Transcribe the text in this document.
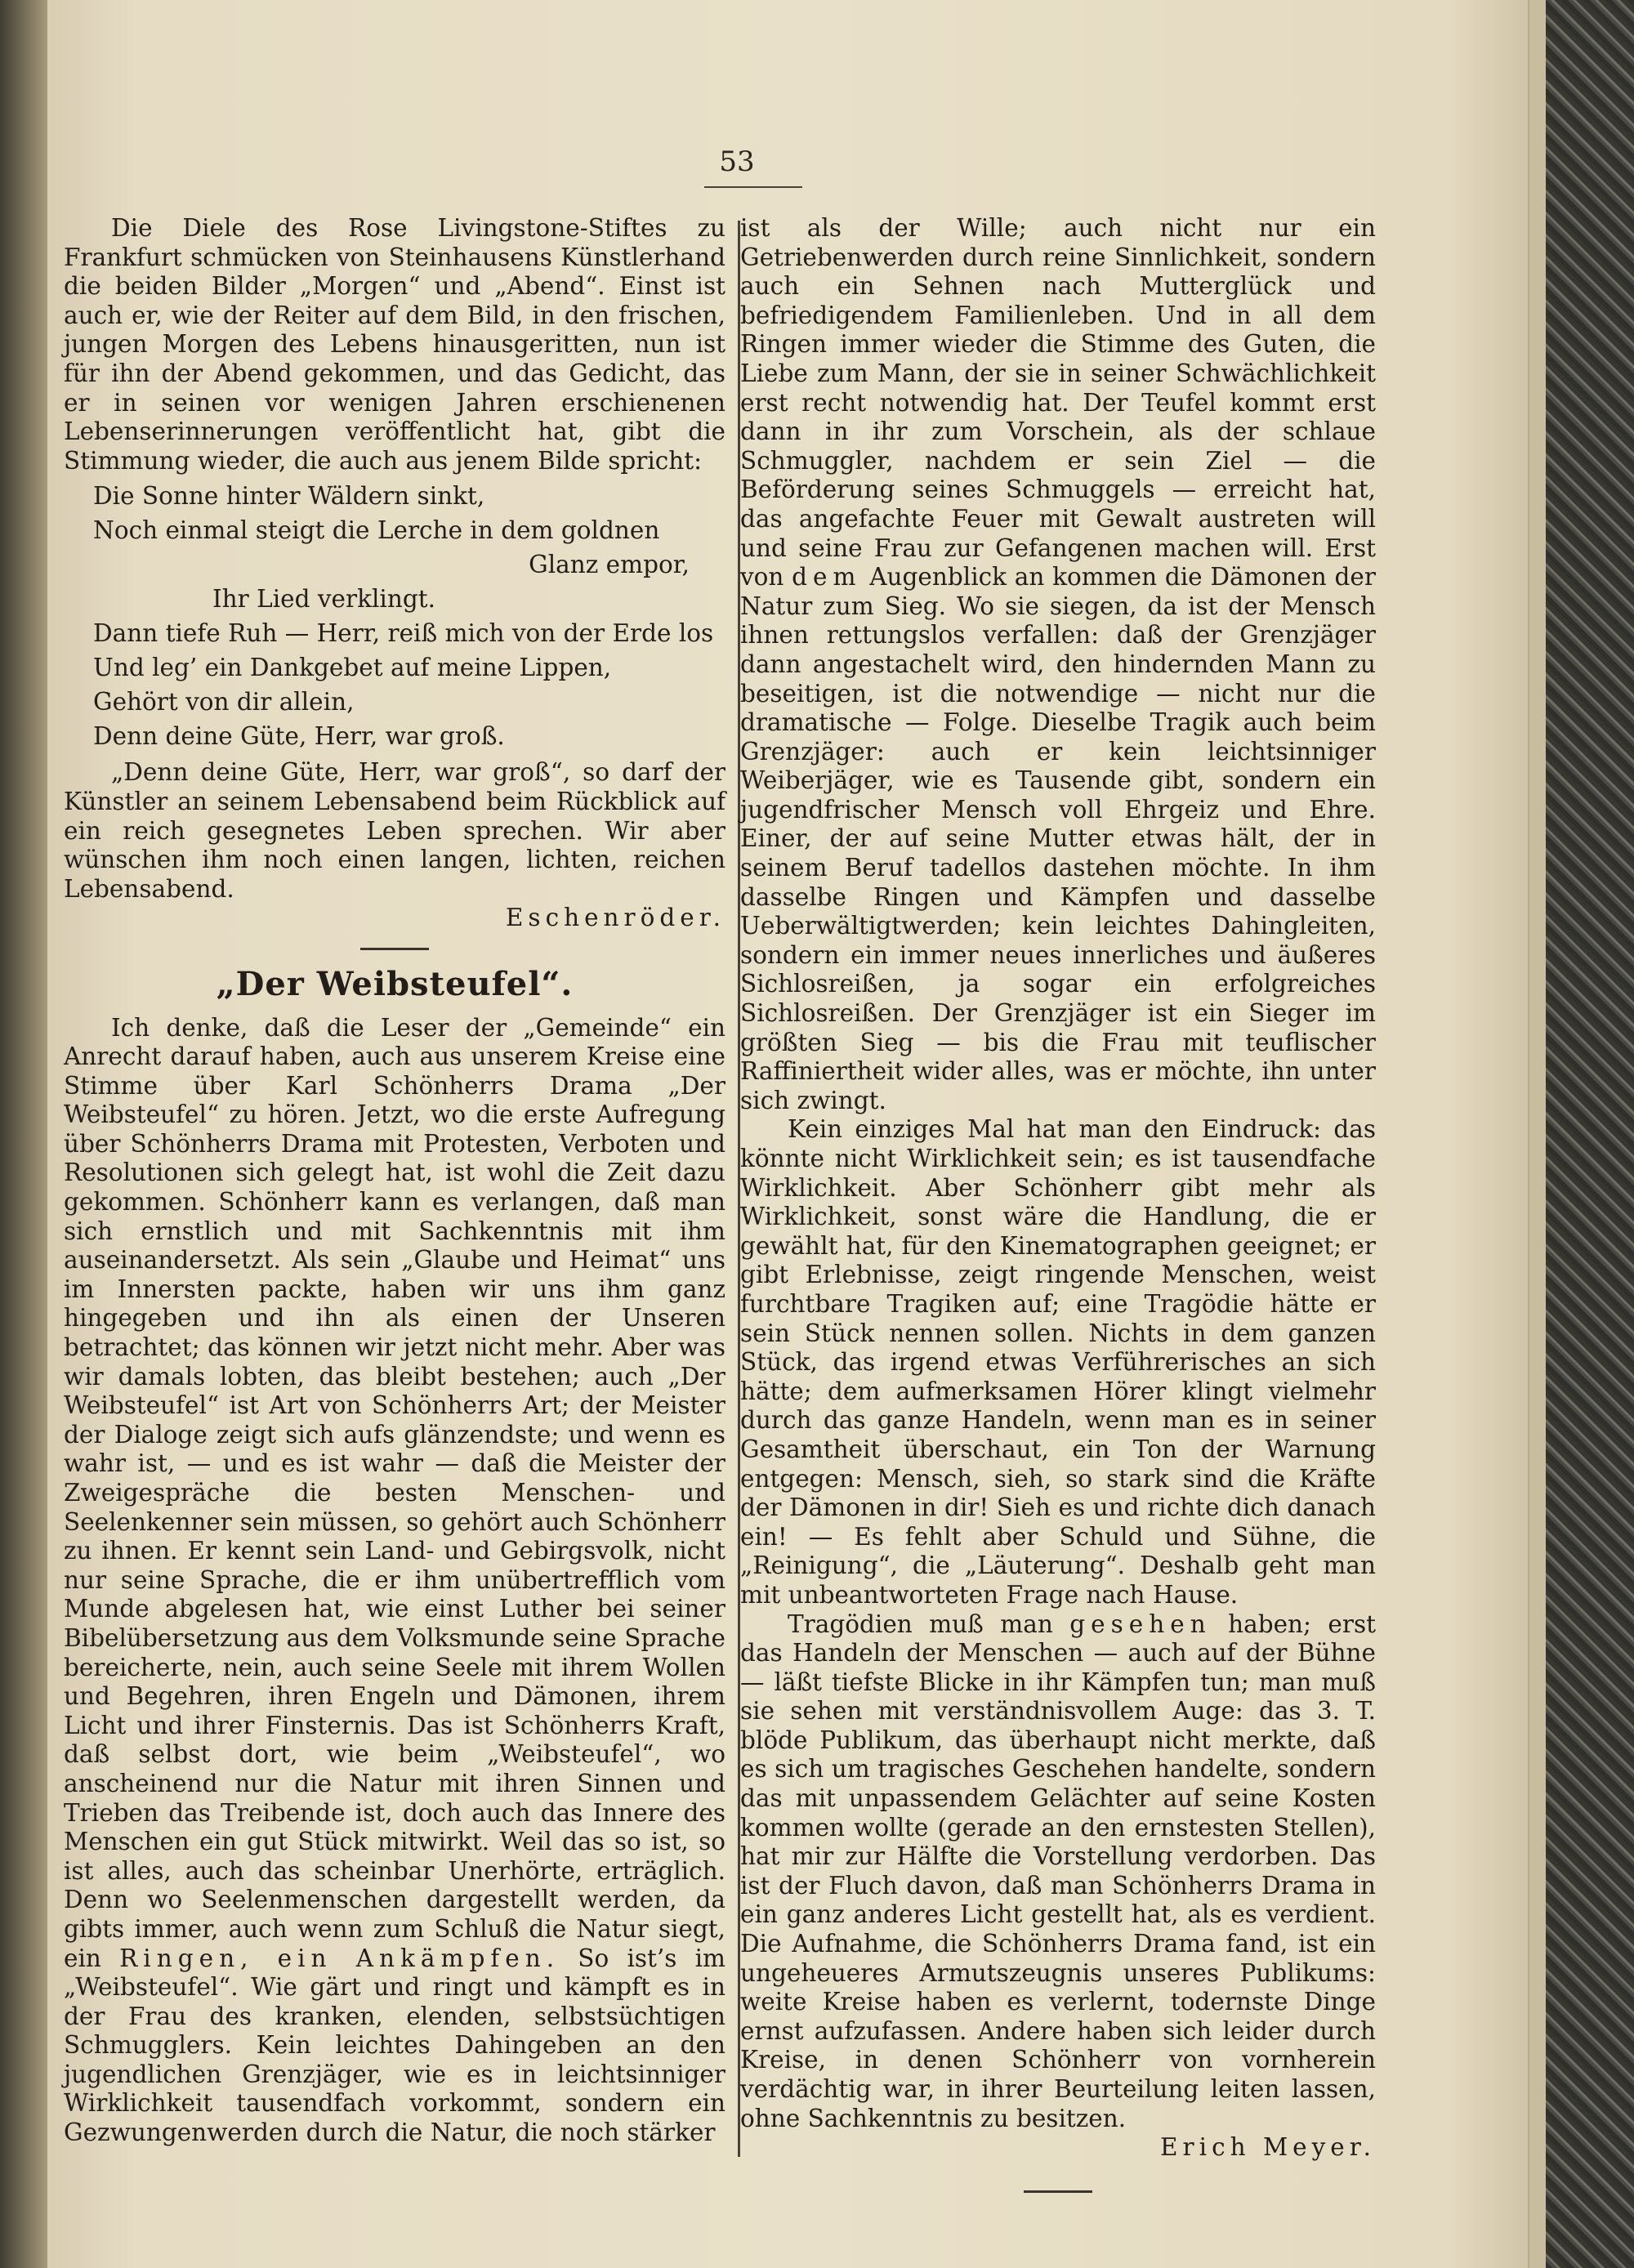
53

Die Diele des Rose Livingstone-Stiftes zu Frankfurt schmücken von Steinhausens Künstlerhand die beiden Bilder „Morgen“ und „Abend“. Einst ist auch er, wie der Reiter auf dem Bild, in den frischen, jungen Morgen des Lebens hinausgeritten, nun ist für ihn der Abend gekommen, und das Gedicht, das er in seinen vor wenigen Jahren erschienenen Lebenserinnerungen veröffentlicht hat, gibt die Stimmung wieder, die auch aus jenem Bilde spricht:

Die Sonne hinter Wäldern sinkt,
Noch einmal steigt die Lerche in dem goldnen
Glanz empor,
Ihr Lied verklingt.
Dann tiefe Ruh — Herr, reiß mich von der Erde los
Und leg’ ein Dankgebet auf meine Lippen,
Gehört von dir allein,
Denn deine Güte, Herr, war groß.

„Denn deine Güte, Herr, war groß“, so darf der Künstler an seinem Lebensabend beim Rückblick auf ein reich gesegnetes Leben sprechen. Wir aber wünschen ihm noch einen langen, lichten, reichen Lebensabend.
Eschenröder.

„Der Weibsteufel“.

Ich denke, daß die Leser der „Gemeinde“ ein Anrecht darauf haben, auch aus unserem Kreise eine Stimme über Karl Schönherrs Drama „Der Weibsteufel“ zu hören. Jetzt, wo die erste Aufregung über Schönherrs Drama mit Protesten, Verboten und Resolutionen sich gelegt hat, ist wohl die Zeit dazu gekommen. Schönherr kann es verlangen, daß man sich ernstlich und mit Sachkenntnis mit ihm auseinandersetzt. Als sein „Glaube und Heimat“ uns im Innersten packte, haben wir uns ihm ganz hingegeben und ihn als einen der Unseren betrachtet; das können wir jetzt nicht mehr. Aber was wir damals lobten, das bleibt bestehen; auch „Der Weibsteufel“ ist Art von Schönherrs Art; der Meister der Dialoge zeigt sich aufs glänzendste; und wenn es wahr ist, — und es ist wahr — daß die Meister der Zweigesprächе die besten Menschen- und Seelenkenner sein müssen, so gehört auch Schönherr zu ihnen. Er kennt sein Land- und Gebirgsvolk, nicht nur seine Sprache, die er ihm unübertrefflich vom Munde abgelesen hat, wie einst Luther bei seiner Bibelübersetzung aus dem Volksmunde seine Sprache bereicherte, nein, auch seine Seele mit ihrem Wollen und Begehren, ihren Engeln und Dämonen, ihrem Licht und ihrer Finsternis. Das ist Schönherrs Kraft, daß selbst dort, wie beim „Weibsteufel“, wo anscheinend nur die Natur mit ihren Sinnen und Trieben das Treibende ist, doch auch das Innere des Menschen ein gut Stück mitwirkt. Weil das so ist, so ist alles, auch das scheinbar Unerhörte, erträglich. Denn wo Seelenmenschen dargestellt werden, da gibts immer, auch wenn zum Schluß die Natur siegt, ein Ringen, ein Ankämpfen. So ist’s im „Weibsteufel“. Wie gärt und ringt und kämpft es in der Frau des kranken, elenden, selbstsüchtigen Schmugglers. Kein leichtes Dahingeben an den jugendlichen Grenzjäger, wie es in leichtsinniger Wirklichkeit tausendfach vorkommt, sondern ein Gezwungenwerden durch die Natur, die noch stärker

ist als der Wille; auch nicht nur ein Getriebenwerden durch reine Sinnlichkeit, sondern auch ein Sehnen nach Mutterglück und befriedigendem Familienleben. Und in all dem Ringen immer wieder die Stimme des Guten, die Liebe zum Mann, der sie in seiner Schwächlichkeit erst recht notwendig hat. Der Teufel kommt erst dann in ihr zum Vorschein, als der schlaue Schmuggler, nachdem er sein Ziel — die Beförderung seines Schmuggels — erreicht hat, das angefachte Feuer mit Gewalt austreten will und seine Frau zur Gefangenen machen will. Erst von dem Augenblick an kommen die Dämonen der Natur zum Sieg. Wo sie siegen, da ist der Mensch ihnen rettungslos verfallen: daß der Grenzjäger dann angestachelt wird, den hindernden Mann zu beseitigen, ist die notwendige — nicht nur die dramatische — Folge. Dieselbe Tragik auch beim Grenzjäger: auch er kein leichtsinniger Weiberjäger, wie es Tausende gibt, sondern ein jugendfrischer Mensch voll Ehrgeiz und Ehre. Einer, der auf seine Mutter etwas hält, der in seinem Beruf tadellos dastehen möchte. In ihm dasselbe Ringen und Kämpfen und dasselbe Ueberwältigtwerden; kein leichtes Dahingleiten, sondern ein immer neues innerliches und äußeres Sichlosreißen, ja sogar ein erfolgreiches Sichlosreißen. Der Grenzjäger ist ein Sieger im größten Sieg — bis die Frau mit teuflischer Raffiniertheit wider alles, was er möchte, ihn unter sich zwingt.

Kein einziges Mal hat man den Eindruck: das könnte nicht Wirklichkeit sein; es ist tausendfache Wirklichkeit. Aber Schönherr gibt mehr als Wirklichkeit, sonst wäre die Handlung, die er gewählt hat, für den Kinematographen geeignet; er gibt Erlebnisse, zeigt ringende Menschen, weist furchtbare Tragiken auf; eine Tragödie hätte er sein Stück nennen sollen. Nichts in dem ganzen Stück, das irgend etwas Verführerisches an sich hätte; dem aufmerksamen Hörer klingt vielmehr durch das ganze Handeln, wenn man es in seiner Gesamtheit überschaut, ein Ton der Warnung entgegen: Mensch, sieh, so stark sind die Kräfte der Dämonen in dir! Sieh es und richte dich danach ein! — Es fehlt aber Schuld und Sühne, die „Reinigung“, die „Läuterung“. Deshalb geht man mit unbeantworteten Frage nach Hause.

Tragödien muß man gesehen haben; erst das Handeln der Menschen — auch auf der Bühne — läßt tiefste Blicke in ihr Kämpfen tun; man muß sie sehen mit verständnisvollem Auge: das 3. T. blöde Publikum, das überhaupt nicht merkte, daß es sich um tragisches Geschehen handelte, sondern das mit unpassendem Gelächter auf seine Kosten kommen wollte (gerade an den ernstesten Stellen), hat mir zur Hälfte die Vorstellung verdorben. Das ist der Fluch davon, daß man Schönherrs Drama in ein ganz anderes Licht gestellt hat, als es verdient. Die Aufnahme, die Schönherrs Drama fand, ist ein ungeheueres Armutszeugnis unseres Publikums: weite Kreise haben es verlernt, todernste Dinge ernst aufzufassen. Andere haben sich leider durch Kreise, in denen Schönherr von vornherein verdächtig war, in ihrer Beurteilung leiten lassen, ohne Sachkenntnis zu besitzen.
Erich Meyer.
